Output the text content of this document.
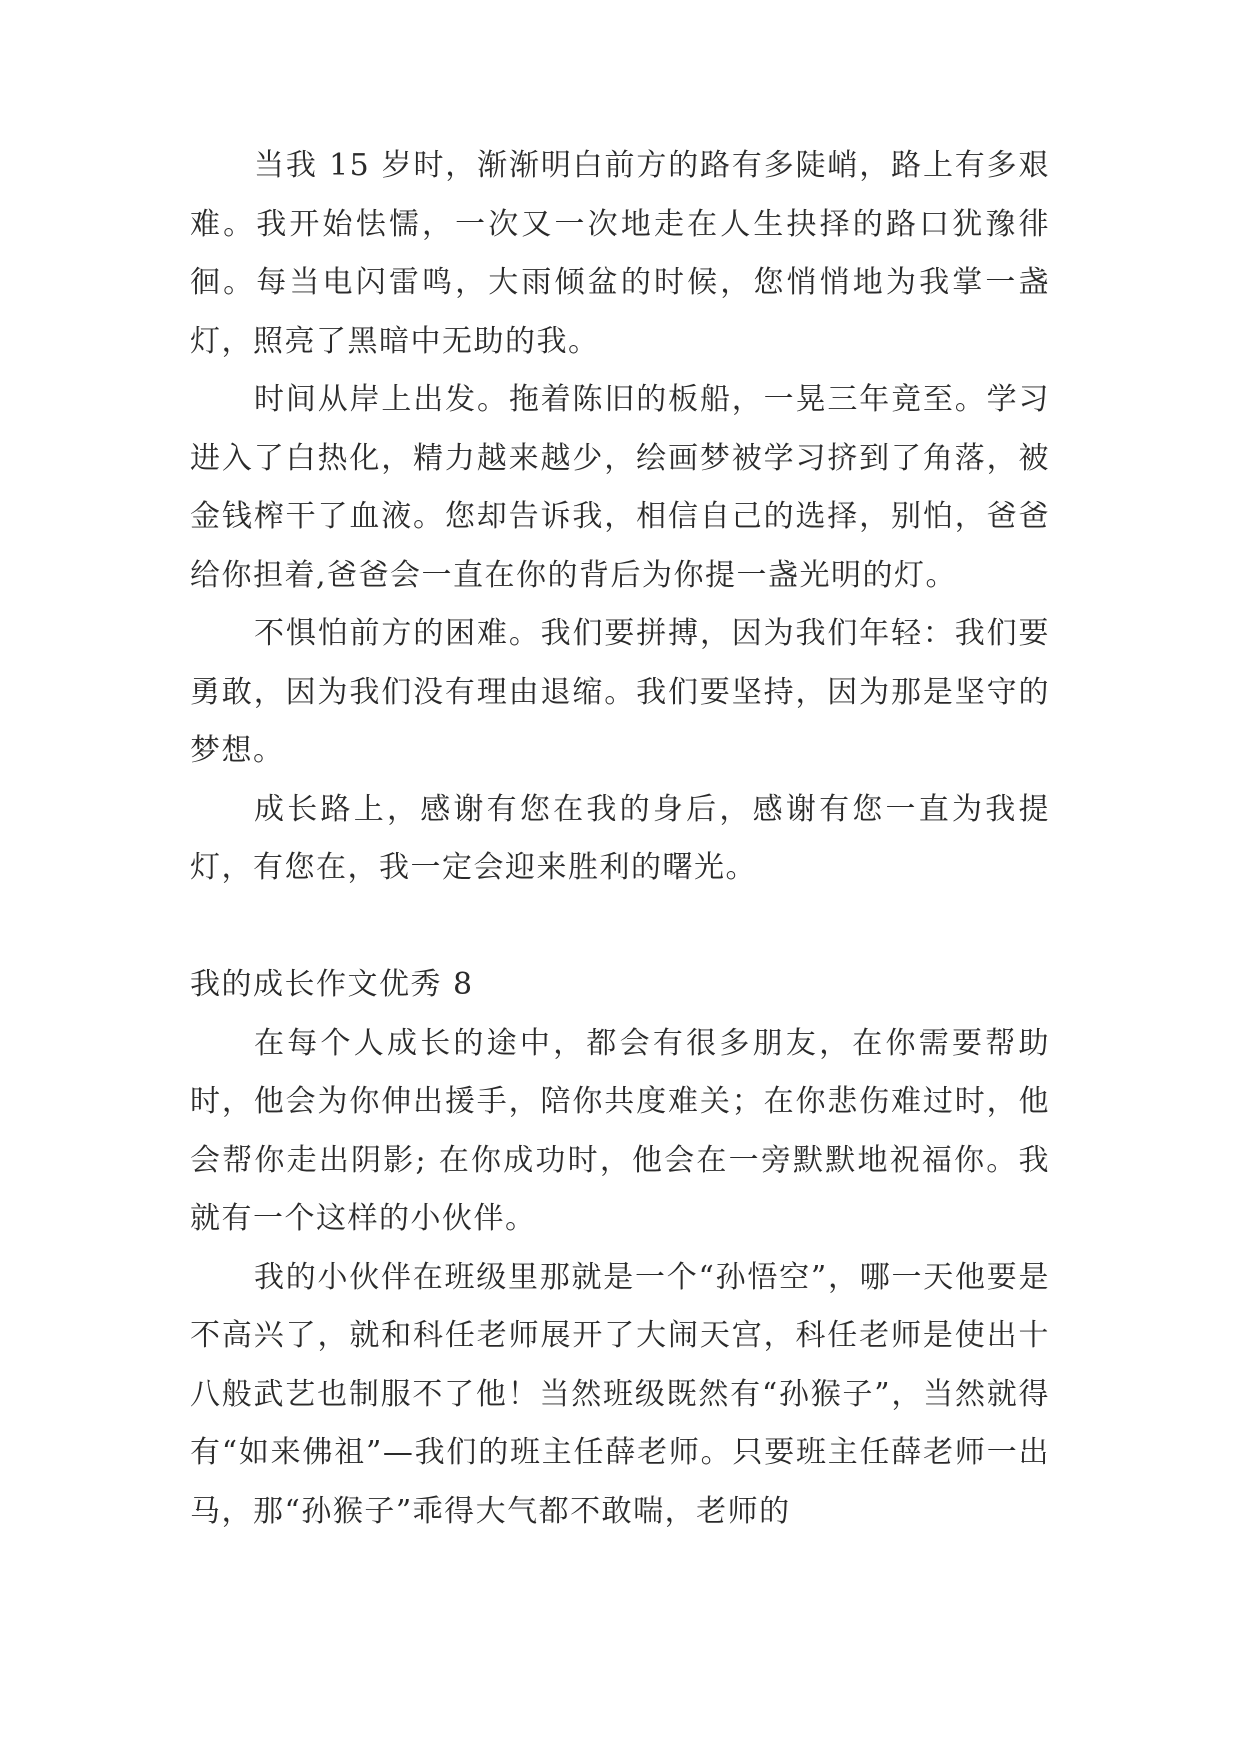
当我 15 岁时，渐渐明白前方的路有多陡峭，路上有多艰难。我开始怯懦，一次又一次地走在人生抉择的路口犹豫徘徊。每当电闪雷鸣，大雨倾盆的时候，您悄悄地为我掌一盏灯，照亮了黑暗中无助的我。

时间从岸上出发。拖着陈旧的板船，一晃三年竟至。学习进入了白热化，精力越来越少，绘画梦被学习挤到了角落，被金钱榨干了血液。您却告诉我，相信自己的选择，别怕，爸爸给你担着,爸爸会一直在你的背后为你提一盏光明的灯。

不惧怕前方的困难。我们要拼搏，因为我们年轻：我们要勇敢，因为我们没有理由退缩。我们要坚持，因为那是坚守的梦想。

成长路上，感谢有您在我的身后，感谢有您一直为我提灯，有您在，我一定会迎来胜利的曙光。

我的成长作文优秀 8

在每个人成长的途中，都会有很多朋友，在你需要帮助时，他会为你伸出援手，陪你共度难关；在你悲伤难过时，他会帮你走出阴影; 在你成功时，他会在一旁默默地祝福你。我就有一个这样的小伙伴。

我的小伙伴在班级里那就是一个“孙悟空”，哪一天他要是不高兴了，就和科任老师展开了大闹天宫，科任老师是使出十八般武艺也制服不了他！当然班级既然有“孙猴子”，当然就得有“如来佛祖”—我们的班主任薛老师。只要班主任薛老师一出马，那“孙猴子”乖得大气都不敢喘，老师的
